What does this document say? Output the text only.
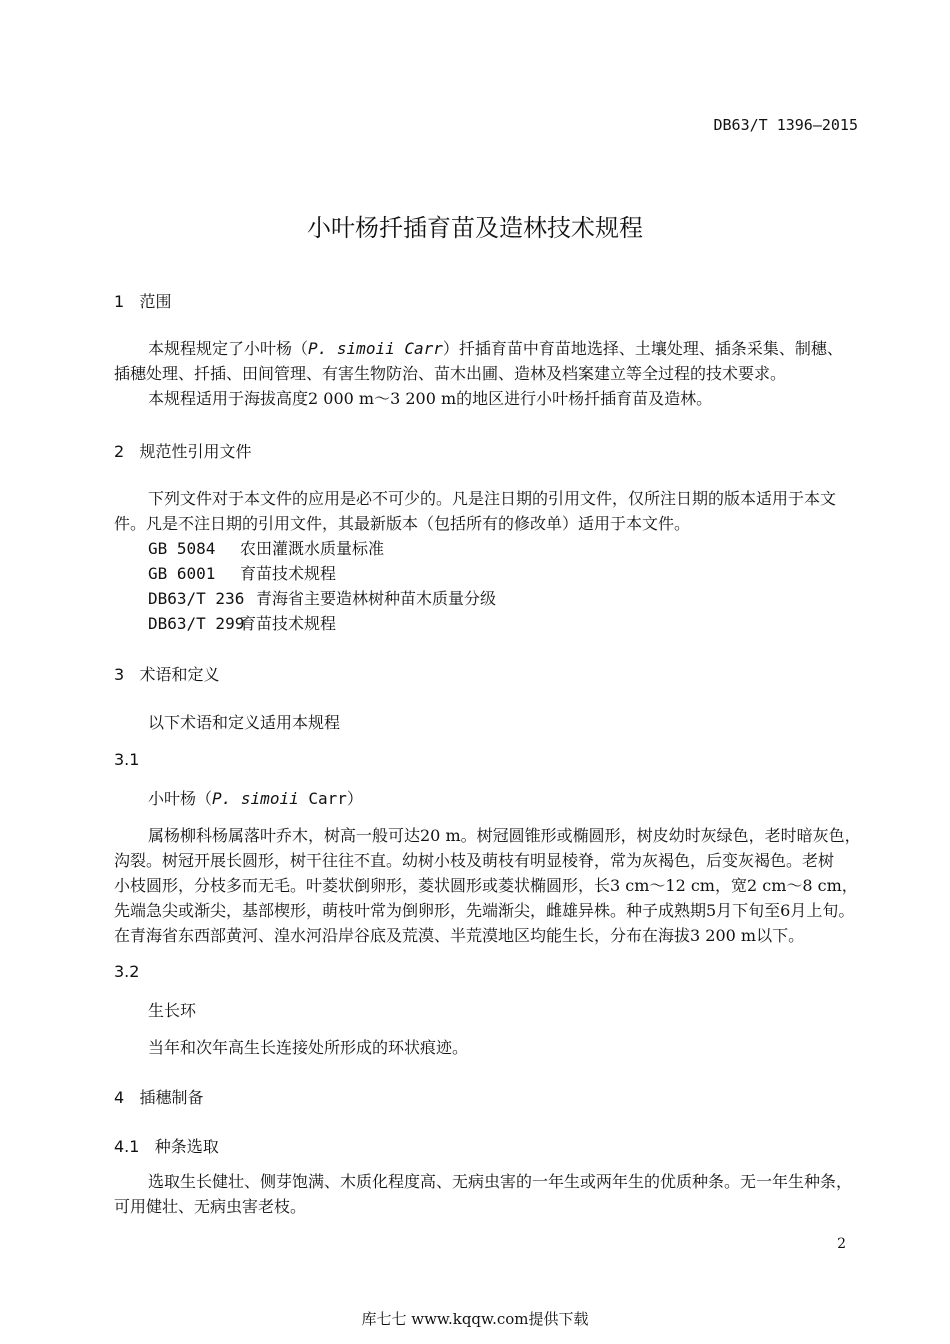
DB63/T 1396—2015
小叶杨扦插育苗及造林技术规程
1 范围
本规程规定了小叶杨（P. simoii Carr）扦插育苗中育苗地选择、土壤处理、插条采集、制穗、
插穗处理、扦插、田间管理、有害生物防治、苗木出圃、造林及档案建立等全过程的技术要求。
本规程适用于海拔高度2 000 m～3 200 m的地区进行小叶杨扦插育苗及造林。
2 规范性引用文件
下列文件对于本文件的应用是必不可少的。凡是注日期的引用文件，仅所注日期的版本适用于本文
件。凡是不注日期的引用文件，其最新版本（包括所有的修改单）适用于本文件。
GB 5084 农田灌溉水质量标准
GB 6001 育苗技术规程
DB63/T 236 青海省主要造林树种苗木质量分级
DB63/T 299育苗技术规程
3 术语和定义
以下术语和定义适用本规程
3.1
小叶杨（P. simoii Carr）
属杨柳科杨属落叶乔木，树高一般可达20 m。树冠圆锥形或椭圆形，树皮幼时灰绿色，老时暗灰色，
沟裂。树冠开展长圆形，树干往往不直。幼树小枝及萌枝有明显棱脊，常为灰褐色，后变灰褐色。老树
小枝圆形，分枝多而无毛。叶菱状倒卵形，菱状圆形或菱状椭圆形，长3 cm～12 cm，宽2 cm～8 cm，
先端急尖或渐尖，基部楔形，萌枝叶常为倒卵形，先端渐尖，雌雄异株。种子成熟期5月下旬至6月上旬。
在青海省东西部黄河、湟水河沿岸谷底及荒漠、半荒漠地区均能生长，分布在海拔3 200 m以下。
3.2
生长环
当年和次年高生长连接处所形成的环状痕迹。
4 插穗制备
4.1 种条选取
选取生长健壮、侧芽饱满、木质化程度高、无病虫害的一年生或两年生的优质种条。无一年生种条，
可用健壮、无病虫害老枝。
2
库七七 www.kqqw.com提供下载
